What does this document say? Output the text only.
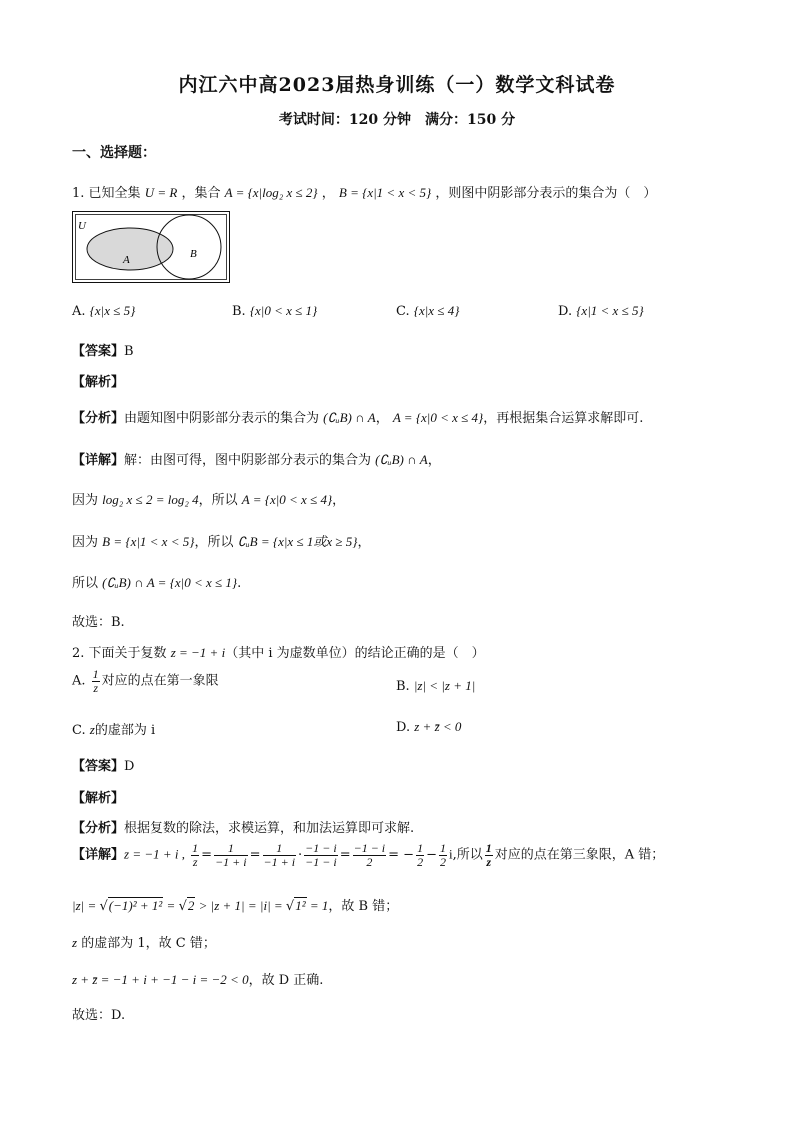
内江六中高2023届热身训练（一）数学文科试卷
考试时间：120 分钟　满分：150 分
一、选择题：
1. 已知全集 U = R ，集合 A = {x|log₂ x ≤ 2} ， B = {x|1 < x < 5} ，则图中阴影部分表示的集合为（　）
U
A	B
A. {x|x ≤ 5}	B. {x|0 < x ≤ 1}	C. {x|x ≤ 4}	D. {x|1 < x ≤ 5}
【答案】B
【解析】
【分析】由题知图中阴影部分表示的集合为 (∁ᵤB) ∩ A， A = {x|0 < x ≤ 4}，再根据集合运算求解即可.
【详解】解：由图可得，图中阴影部分表示的集合为 (∁ᵤB) ∩ A，
因为 log₂ x ≤ 2 = log₂ 4，所以 A = {x|0 < x ≤ 4}，
因为 B = {x|1 < x < 5}，所以 ∁ᵤB = {x|x ≤ 1或x ≥ 5}，
所以 (∁ᵤB) ∩ A = {x|0 < x ≤ 1}.
故选：B.
2. 下面关于复数 z = −1 + i（其中 i 为虚数单位）的结论正确的是（　）
A. $\frac{1}{z}$ 对应的点在第一象限	B. |z| < |z + 1|
C. z的虚部为 i	D. z + z̄ < 0
【答案】D
【解析】
【分析】根据复数的除法，求模运算，和加法运算即可求解.
【详解】z = −1 + i , $\frac{1}{z} = \frac{1}{-1 + i} = \frac{1}{-1 + i} \cdot \frac{-1 - i}{-1 - i} = \frac{-1 - i}{2}$ = − $\frac{1}{2} - \frac{1}{2} i$,所以 $\frac{1}{z}$ 对应的点在第三象限，A 错；
|z| = √(−1)² + 1² = √2 > |z + 1| = |i| = √1² = 1，故 B 错；
z 的虚部为 1，故 C 错；
z + z̄ = −1 + i + −1 − i = −2 < 0，故 D 正确.
故选：D.
